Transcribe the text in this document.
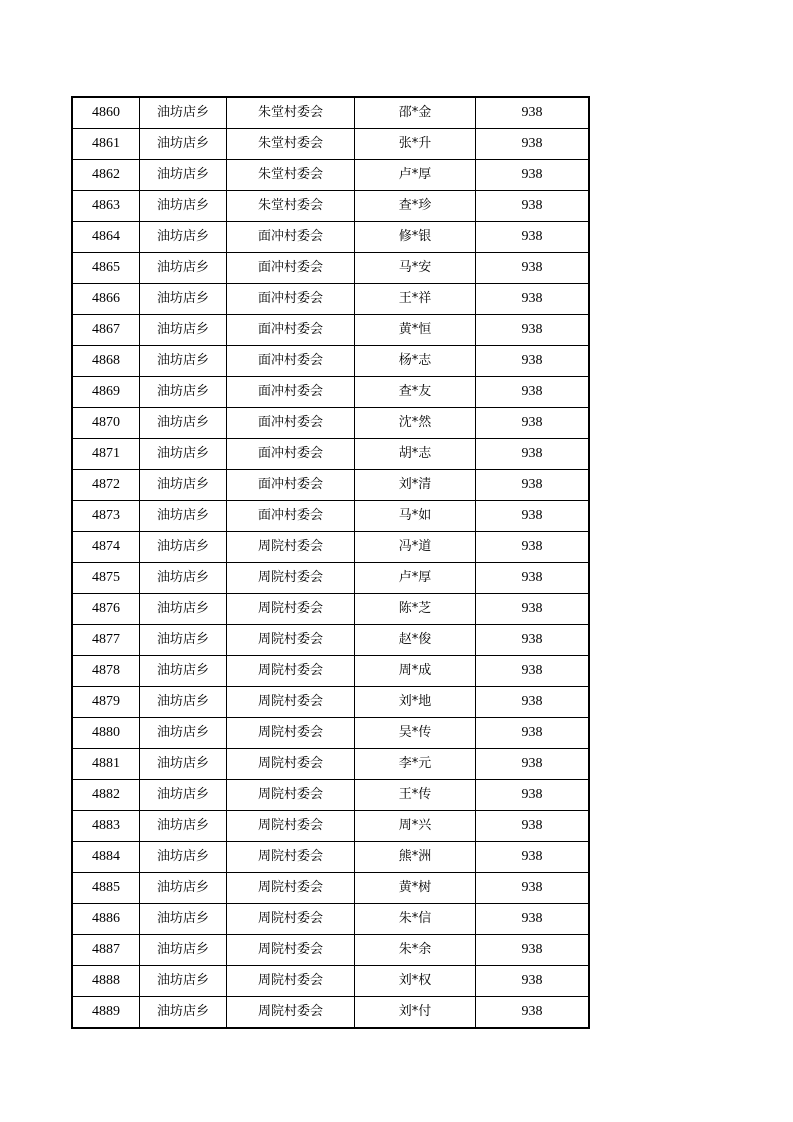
4860	油坊店乡	朱堂村委会	邵*金	938
4861	油坊店乡	朱堂村委会	张*升	938
4862	油坊店乡	朱堂村委会	卢*厚	938
4863	油坊店乡	朱堂村委会	查*珍	938
4864	油坊店乡	面冲村委会	修*银	938
4865	油坊店乡	面冲村委会	马*安	938
4866	油坊店乡	面冲村委会	王*祥	938
4867	油坊店乡	面冲村委会	黄*恒	938
4868	油坊店乡	面冲村委会	杨*志	938
4869	油坊店乡	面冲村委会	查*友	938
4870	油坊店乡	面冲村委会	沈*然	938
4871	油坊店乡	面冲村委会	胡*志	938
4872	油坊店乡	面冲村委会	刘*清	938
4873	油坊店乡	面冲村委会	马*如	938
4874	油坊店乡	周院村委会	冯*道	938
4875	油坊店乡	周院村委会	卢*厚	938
4876	油坊店乡	周院村委会	陈*芝	938
4877	油坊店乡	周院村委会	赵*俊	938
4878	油坊店乡	周院村委会	周*成	938
4879	油坊店乡	周院村委会	刘*地	938
4880	油坊店乡	周院村委会	吴*传	938
4881	油坊店乡	周院村委会	李*元	938
4882	油坊店乡	周院村委会	王*传	938
4883	油坊店乡	周院村委会	周*兴	938
4884	油坊店乡	周院村委会	熊*洲	938
4885	油坊店乡	周院村委会	黄*树	938
4886	油坊店乡	周院村委会	朱*信	938
4887	油坊店乡	周院村委会	朱*余	938
4888	油坊店乡	周院村委会	刘*权	938
4889	油坊店乡	周院村委会	刘*付	938
